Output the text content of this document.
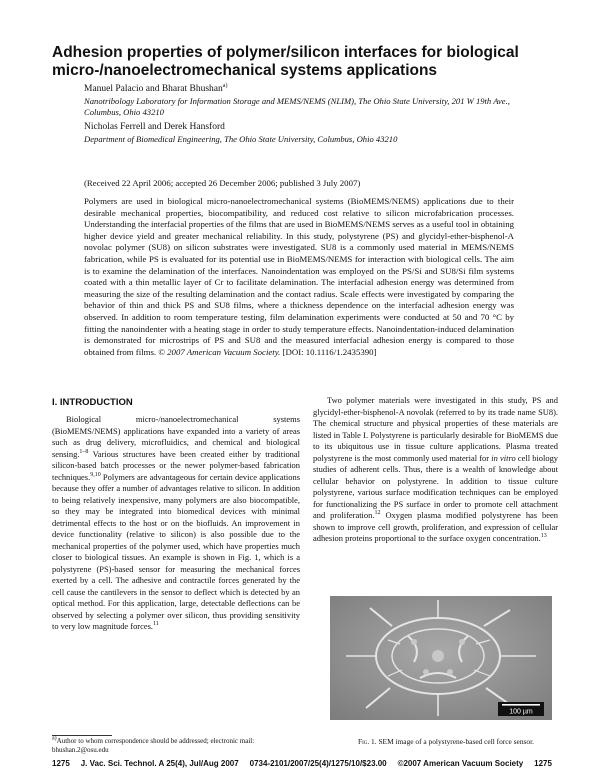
Adhesion properties of polymer/silicon interfaces for biological micro-/nanoelectromechanical systems applications
Manuel Palacio and Bharat Bhushan$^{a)}$
Nanotribology Laboratory for Information Storage and MEMS/NEMS (NLIM), The Ohio State University, 201 W 19th Ave., Columbus, Ohio 43210
Nicholas Ferrell and Derek Hansford
Department of Biomedical Engineering, The Ohio State University, Columbus, Ohio 43210
(Received 22 April 2006; accepted 26 December 2006; published 3 July 2007)

Polymers are used in biological micro-nanoelectromechanical systems (BioMEMS/NEMS) applications due to their desirable mechanical properties, biocompatibility, and reduced cost relative to silicon microfabrication processes. Understanding the interfacial properties of the films that are used in BioMEMS/NEMS serves as a useful tool in obtaining higher device yield and greater mechanical reliability. In this study, polystyrene (PS) and glycidyl-ether-bisphenol-A novolac polymer (SU8) on silicon substrates were investigated. SU8 is a commonly used material in MEMS/NEMS fabrication, while PS is evaluated for its potential use in BioMEMS/NEMS for interaction with biological cells. The aim is to examine the delamination of the interfaces. Nanoindentation was employed on the PS/Si and SU8/Si film systems coated with a thin metallic layer of Cr to facilitate delamination. The interfacial adhesion energy was determined from measuring the size of the resulting delamination and the contact radius. Scale effects were investigated by comparing the behavior of thin and thick PS and SU8 films, where a thickness dependence on the interfacial adhesion energy was observed. In addition to room temperature testing, film delamination experiments were conducted at 50 and 70 °C by fitting the nanoindenter with a heating stage in order to study temperature effects. Nanoindentation-induced delamination is demonstrated for microstrips of PS and SU8 and the measured interfacial adhesion energy is compared to those obtained from films. © 2007 American Vacuum Society. [DOI: 10.1116/1.2435390]

I. INTRODUCTION

Biological micro-/nanoelectromechanical systems (BioMEMS/NEMS) applications have expanded into a variety of areas such as drug delivery, microfluidics, and chemical and biological sensing.$^{1-8}$ Various structures have been created either by traditional silicon-based batch processes or the newer polymer-based fabrication techniques.$^{9,10}$ Polymers are advantageous for certain device applications because they offer a number of advantages relative to silicon. In addition to being relatively inexpensive, many polymers are also biocompatible, so they may be integrated into biomedical devices with minimal detrimental effects to the host or on the biofluids. An improvement in device functionality (relative to silicon) is also possible due to the mechanical properties of the polymer used, which have properties much closer to biological tissues. An example is shown in Fig. 1, which is a polystyrene (PS)-based sensor for measuring the mechanical forces exerted by a cell. The adhesive and contractile forces generated by the cell cause the cantilevers in the sensor to deflect which is detected by an optical method. For this application, large, detectable deflections can be observed by selecting a polymer over silicon, thus providing sensitivity to very low magnitude forces.$^{11}$

Two polymer materials were investigated in this study, PS and glycidyl-ether-bisphenol-A novolak (referred to by its trade name SU8). The chemical structure and physical properties of these materials are listed in Table I. Polystyrene is particularly desirable for BioMEMS due to its ubiquitous use in tissue culture applications. Plasma treated polystyrene is the most commonly used material for in vitro cell biology studies of adherent cells. Thus, there is a wealth of knowledge about cellular behavior on polystyrene. In addition to tissue culture polystyrene, various surface modification techniques can be employed for functionalizing the PS surface in order to promote cell attachment and proliferation.$^{12}$ Oxygen plasma modified polystyrene has been shown to improve cell growth, proliferation, and expression of cellular adhesion proteins proportional to the surface oxygen concentration.$^{13}$

100 µm
Fig. 1. SEM image of a polystyrene-based cell force sensor.
$^{a)}$Author to whom correspondence should be addressed; electronic mail: bhushan.2@osu.edu
1275 J. Vac. Sci. Technol. A 25(4), Jul/Aug 2007 0734-2101/2007/25(4)/1275/10/$23.00 ©2007 American Vacuum Society 1275
